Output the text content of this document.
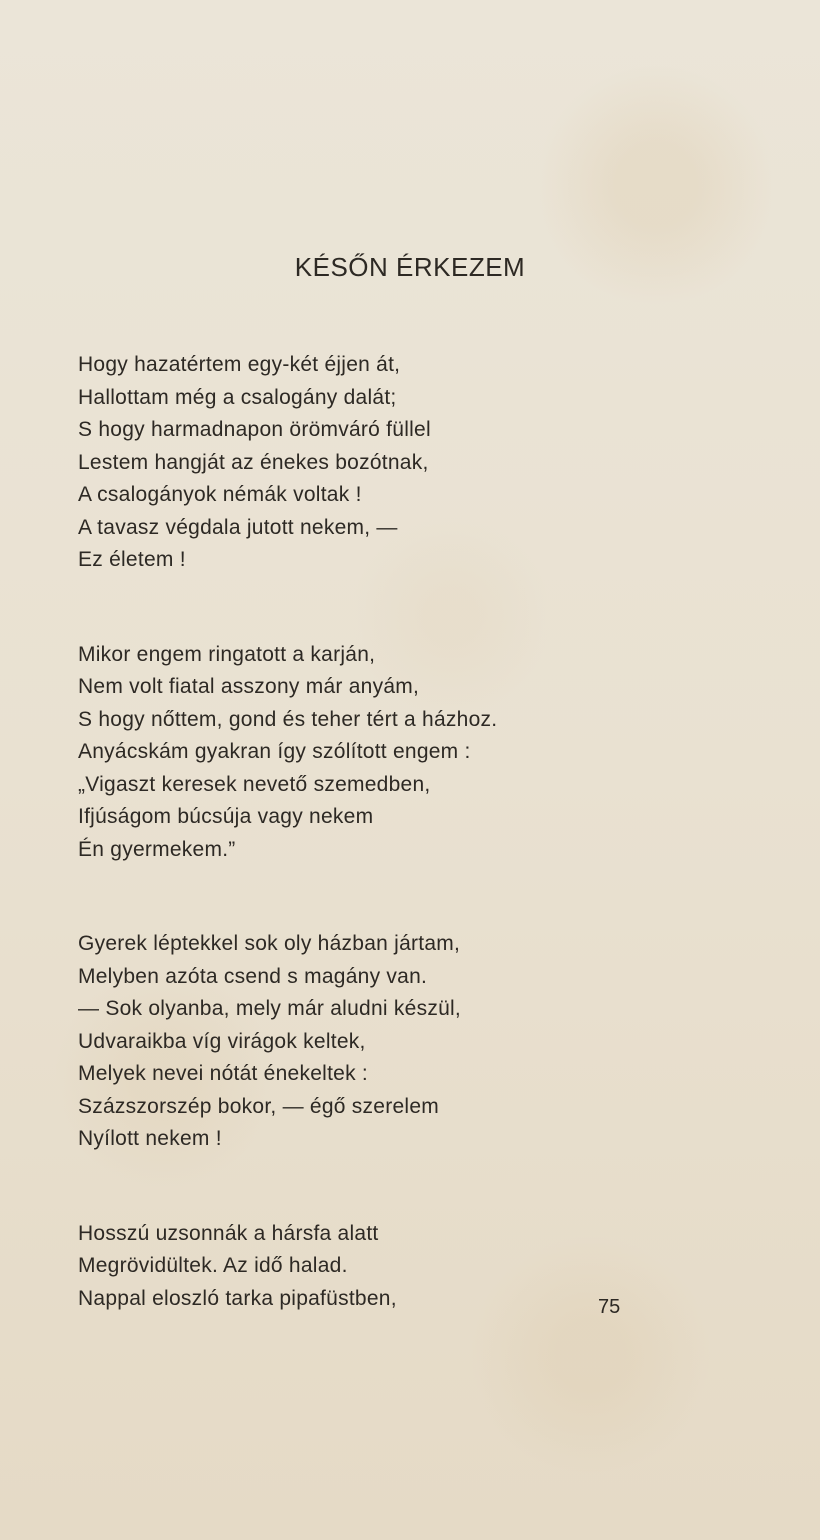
KÉSŐN ÉRKEZEM
Hogy hazatértem egy-két éjjen át,
Hallottam még a csalogány dalát;
S hogy harmadnapon örömváró füllel
Lestem hangját az énekes bozótnak,
A csalogányok némák voltak !
A tavasz végdala jutott nekem, —
Ez életem !
Mikor engem ringatott a karján,
Nem volt fiatal asszony már anyám,
S hogy nőttem, gond és teher tért a házhoz.
Anyácskám gyakran így szólított engem :
„Vigaszt keresek nevető szemedben,
Ifjúságom búcsúja vagy nekem
Én gyermekem.”
Gyerek léptekkel sok oly házban jártam,
Melyben azóta csend s magány van.
— Sok olyanba, mely már aludni készül,
Udvaraikba víg virágok keltek,
Melyek nevei nótát énekeltek :
Százszorszép bokor, — égő szerelem
Nyílott nekem !
Hosszú uzsonnák a hársfa alatt
Megrövidültek. Az idő halad.
Nappal eloszló tarka pipafüstben,	75
